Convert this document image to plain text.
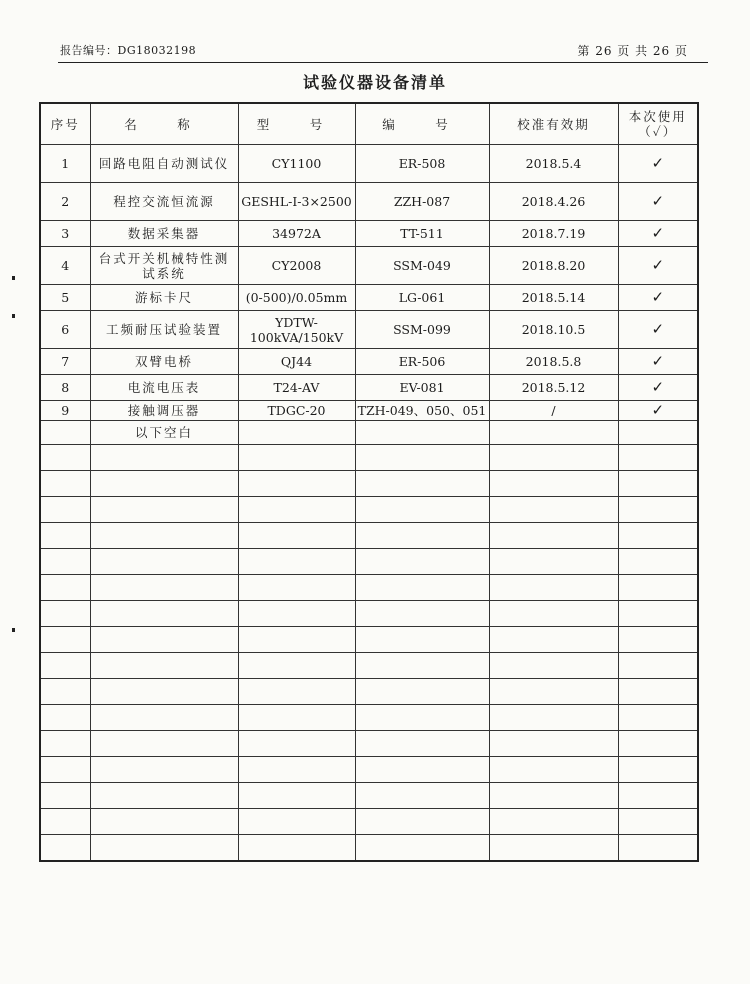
报告编号：DG18032198	第 26 页 共 26 页
试验仪器设备清单
序号	名　称	型　号	编　号	校准有效期	本次使用（✓）
1	回路电阻自动测试仪	CY1100	ER-508	2018.5.4	✓
2	程控交流恒流源	GESHL-Ⅰ-3×2500	ZZH-087	2018.4.26	✓
3	数据采集器	34972A	TT-511	2018.7.19	✓
4	台式开关机械特性测试系统	CY2008	SSM-049	2018.8.20	✓
5	游标卡尺	(0-500)/0.05mm	LG-061	2018.5.14	✓
6	工频耐压试验装置	YDTW-100kVA/150kV	SSM-099	2018.10.5	✓
7	双臂电桥	QJ44	ER-506	2018.5.8	✓
8	电流电压表	T24-AV	EV-081	2018.5.12	✓
9	接触调压器	TDGC-20	TZH-049、050、051	/	✓
	以下空白				
